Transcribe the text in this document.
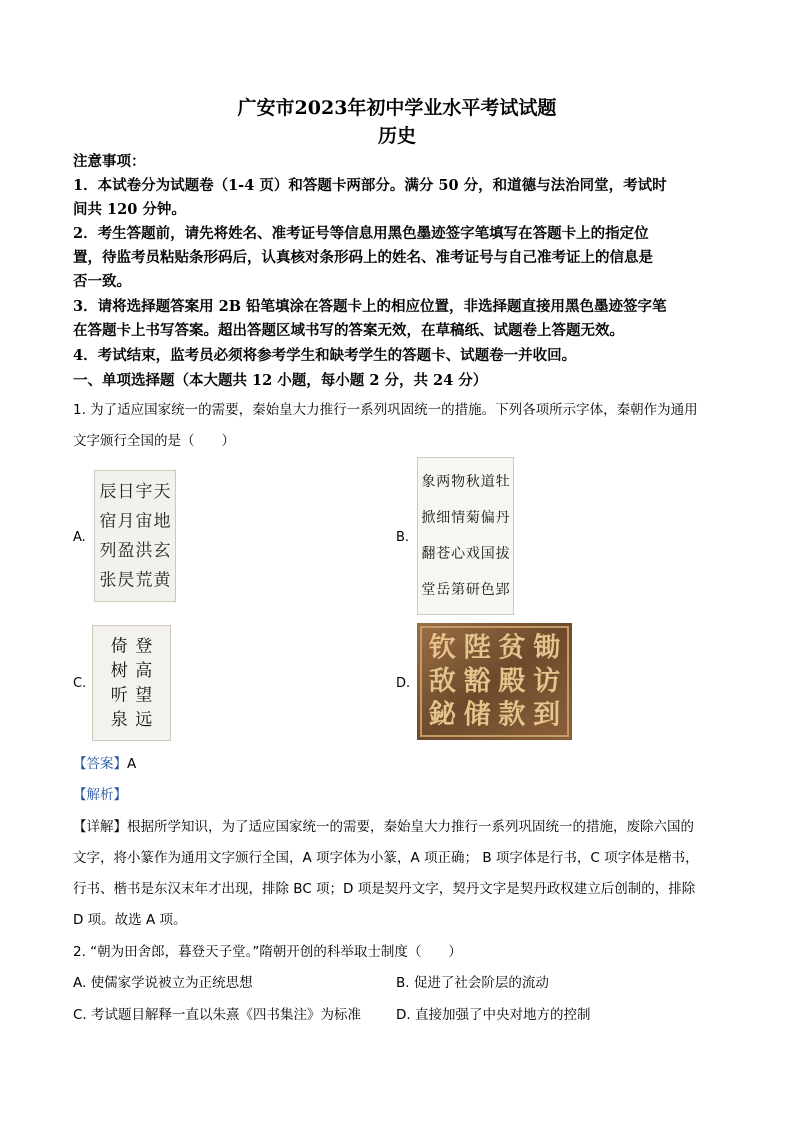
广安市2023年初中学业水平考试试题
历史
注意事项：
1．本试卷分为试题卷（1-4 页）和答题卡两部分。满分 50 分，和道德与法治同堂，考试时
间共 120 分钟。
2．考生答题前，请先将姓名、准考证号等信息用黑色墨迹签字笔填写在答题卡上的指定位
置，待监考员粘贴条形码后，认真核对条形码上的姓名、准考证号与自己准考证上的信息是
否一致。
3．请将选择题答案用 2B 铅笔填涂在答题卡上的相应位置，非选择题直接用黑色墨迹签字笔
在答题卡上书写答案。超出答题区域书写的答案无效，在草稿纸、试题卷上答题无效。
4．考试结束，监考员必须将参考学生和缺考学生的答题卡、试题卷一并收回。
一、单项选择题（本大题共 12 小题，每小题 2 分，共 24 分）
1. 为了适应国家统一的需要，秦始皇大力推行一系列巩固统一的措施。下列各项所示字体，秦朝作为通用
文字颁行全国的是（　　）
A.
天
地
玄
黄
宇
宙
洪
荒
日
月
盈
昃
辰
宿
列
张
B.
牡
丹
拔
郢
道
偏
国
色
秋
菊
戏
研
物
情
心
第
两
细
苍
岳
象
掀
翻
堂
C.
登
高
望
远
倚
树
听
泉
D.
锄
访
到
贫
殿
款
陛
豁
储
钦
敌
鉍
【答案】A
【解析】
【详解】根据所学知识，为了适应国家统一的需要，秦始皇大力推行一系列巩固统一的措施，废除六国的
文字，将小篆作为通用文字颁行全国，A 项字体为小篆，A 项正确； B 项字体是行书，C 项字体是楷书，
行书、楷书是东汉末年才出现，排除 BC 项；D 项是契丹文字，契丹文字是契丹政权建立后创制的，排除
D 项。故选 A 项。
2. “朝为田舍郎，暮登天子堂。”隋朝开创的科举取士制度（　　）
A. 使儒家学说被立为正统思想	B. 促进了社会阶层的流动
C. 考试题目解释一直以朱熹《四书集注》为标准	D. 直接加强了中央对地方的控制
